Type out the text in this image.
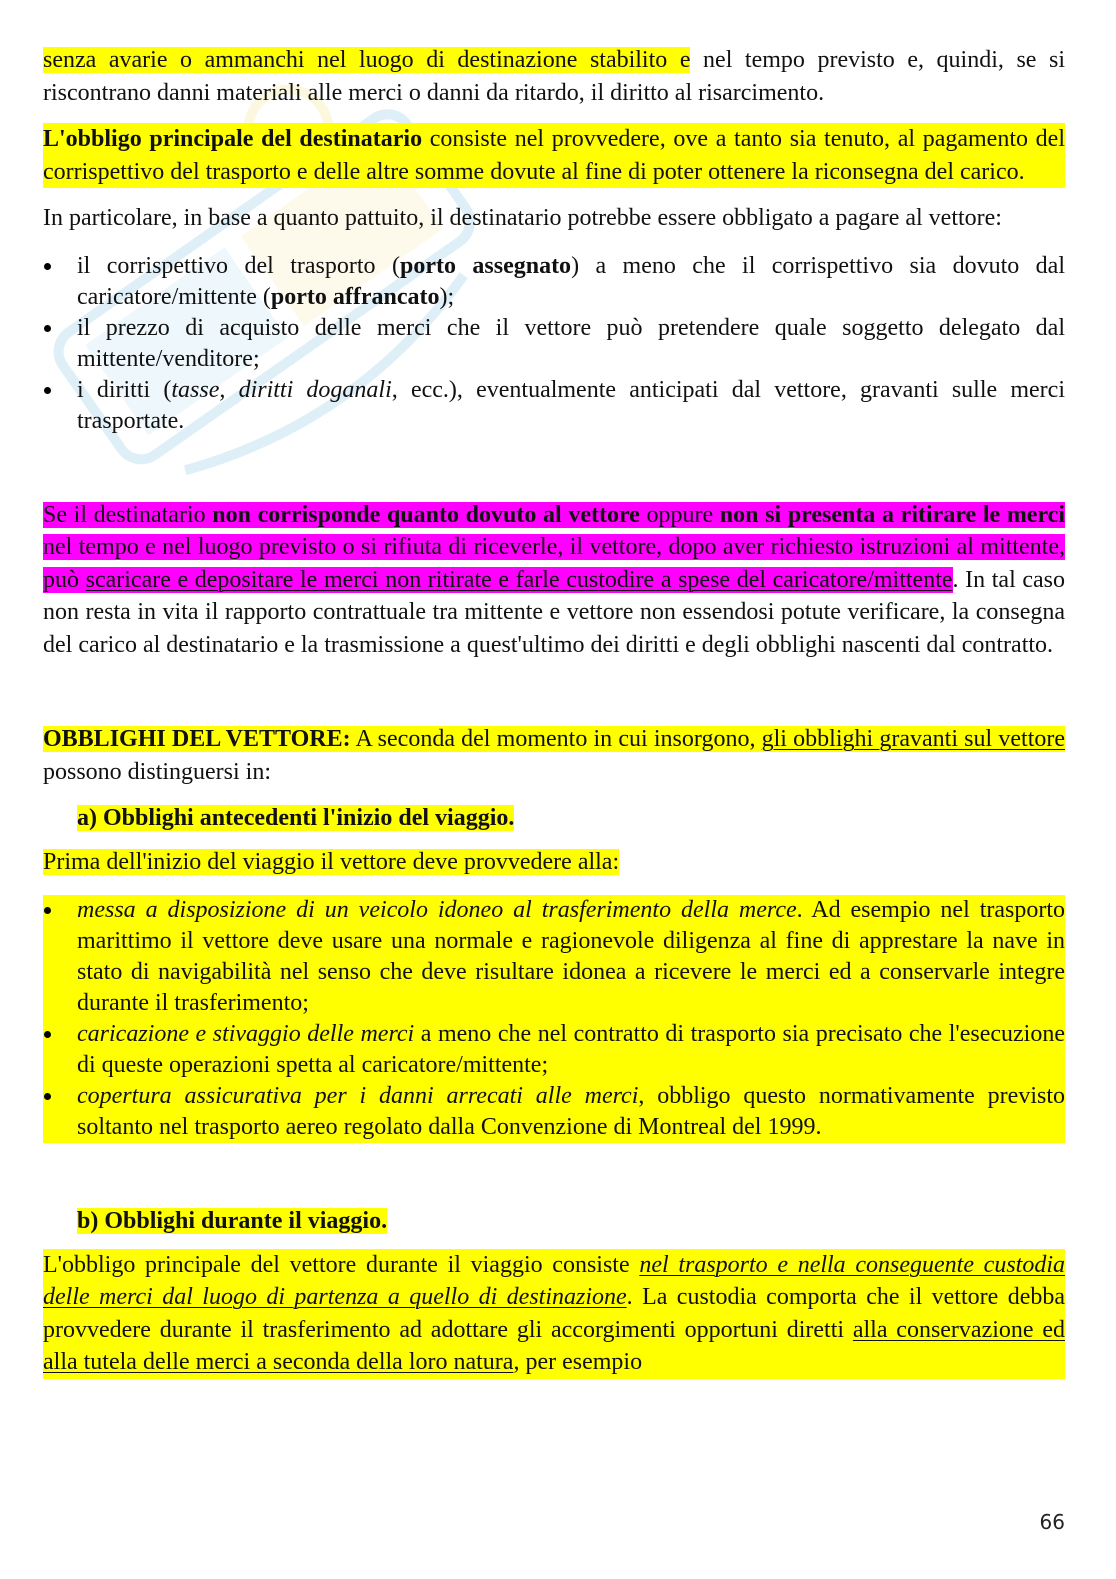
senza avarie o ammanchi nel luogo di destinazione stabilito e nel tempo previsto e, quindi, se si riscontrano danni materiali alle merci o danni da ritardo, il diritto al risarcimento.

L'obbligo principale del destinatario consiste nel provvedere, ove a tanto sia tenuto, al pagamento del corrispettivo del trasporto e delle altre somme dovute al fine di poter ottenere la riconsegna del carico.

In particolare, in base a quanto pattuito, il destinatario potrebbe essere obbligato a pagare al vettore:

il corrispettivo del trasporto (porto assegnato) a meno che il corrispettivo sia dovuto dal caricatore/mittente (porto affrancato);
il prezzo di acquisto delle merci che il vettore può pretendere quale soggetto delegato dal mittente/venditore;
i diritti (tasse, diritti doganali, ecc.), eventualmente anticipati dal vettore, gravanti sulle merci trasportate.

Se il destinatario non corrisponde quanto dovuto al vettore oppure non si presenta a ritirare le merci nel tempo e nel luogo previsto o si rifiuta di riceverle, il vettore, dopo aver richiesto istruzioni al mittente, può scaricare e depositare le merci non ritirate e farle custodire a spese del caricatore/mittente. In tal caso non resta in vita il rapporto contrattuale tra mittente e vettore non essendosi potute verificare, la consegna del carico al destinatario e la trasmissione a quest'ultimo dei diritti e degli obblighi nascenti dal contratto.

OBBLIGHI DEL VETTORE: A seconda del momento in cui insorgono, gli obblighi gravanti sul vettore possono distinguersi in:

a) Obblighi antecedenti l'inizio del viaggio.

Prima dell'inizio del viaggio il vettore deve provvedere alla:

messa a disposizione di un veicolo idoneo al trasferimento della merce. Ad esempio nel trasporto marittimo il vettore deve usare una normale e ragionevole diligenza al fine di apprestare la nave in stato di navigabilità nel senso che deve risultare idonea a ricevere le merci ed a conservarle integre durante il trasferimento;
caricazione e stivaggio delle merci a meno che nel contratto di trasporto sia precisato che l'esecuzione di queste operazioni spetta al caricatore/mittente;
copertura assicurativa per i danni arrecati alle merci, obbligo questo normativamente previsto soltanto nel trasporto aereo regolato dalla Convenzione di Montreal del 1999.

b) Obblighi durante il viaggio.

L'obbligo principale del vettore durante il viaggio consiste nel trasporto e nella conseguente custodia delle merci dal luogo di partenza a quello di destinazione. La custodia comporta che il vettore debba provvedere durante il trasferimento ad adottare gli accorgimenti opportuni diretti alla conservazione ed alla tutela delle merci a seconda della loro natura, per esempio

66
